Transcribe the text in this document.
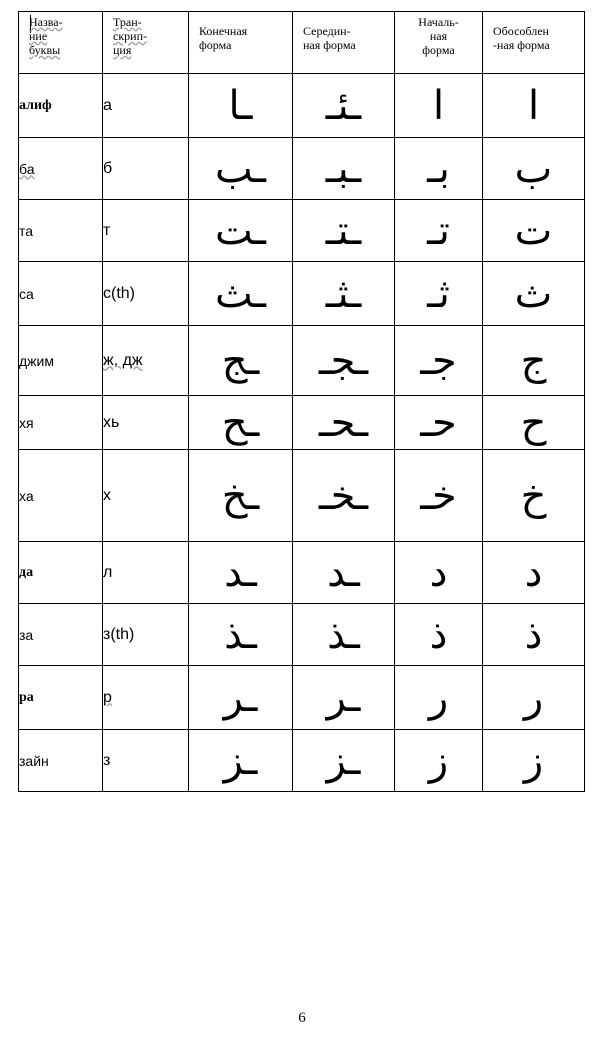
Назва-
ние
буквы	Тран-
скрип-
ция	Конечная
форма	Середин-
ная форма	Началь-
ная
форма	Обособлен
-ная форма

алиф	а	ـا	ـئـ	ا	ا
ба	б	ـب	ـبـ	بـ	ب
та	т	ـت	ـتـ	تـ	ت
са	с(th)	ـث	ـثـ	ثـ	ث
джим	ж, дж	ـج	ـجـ	جـ	ج
хя	хь	ـح	ـحـ	حـ	ح
ха	х	ـخ	ـخـ	خـ	خ
да	л	ـد	ـد	د	د
за	з(th)	ـذ	ـذ	ذ	ذ
ра	р	ـر	ـر	ر	ر
зайн	з	ـز	ـز	ز	ز
6
